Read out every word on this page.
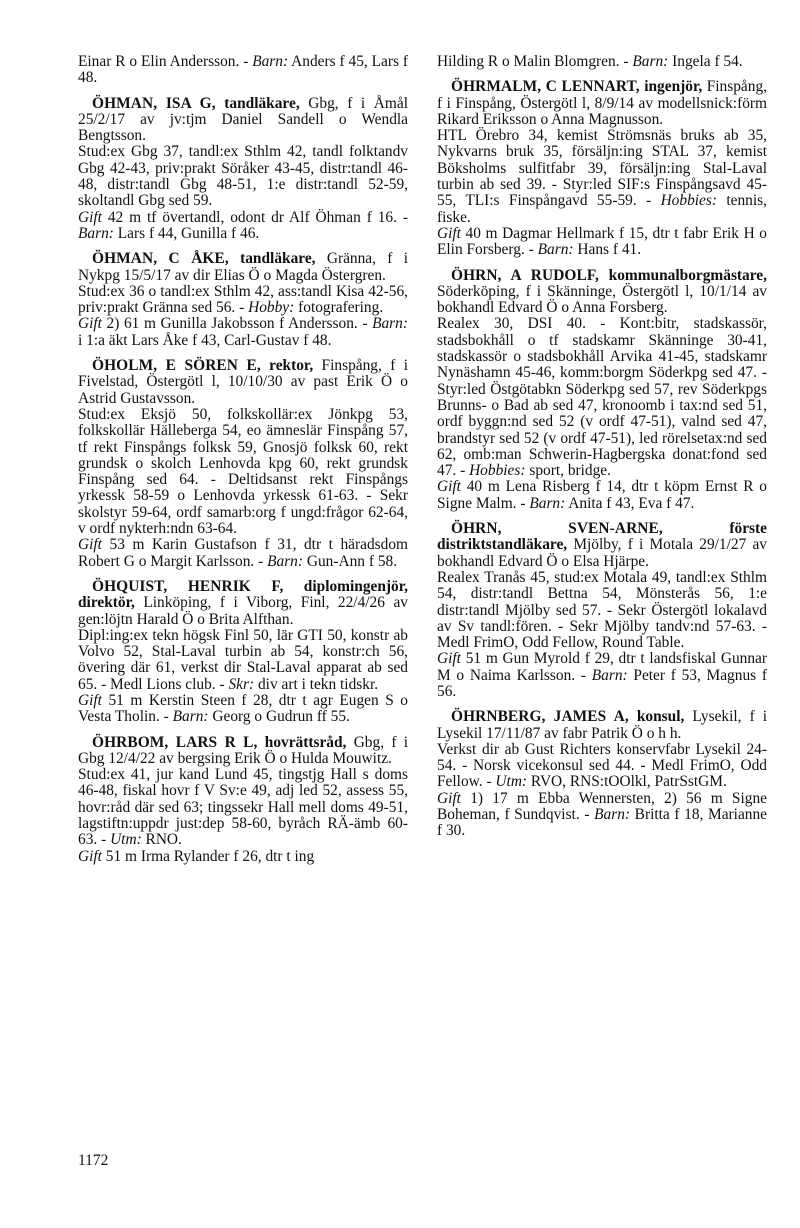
Einar R o Elin Andersson. - Barn: Anders f 45, Lars f 48.

ÖHMAN, ISA G, tandläkare, Gbg, f i Åmål 25/2/17 av jv:tjm Daniel Sandell o Wendla Bengtsson.

Stud:ex Gbg 37, tandl:ex Sthlm 42, tandl folktandv Gbg 42-43, priv:prakt Söråker 43-45, distr:tandl 46-48, distr:tandl Gbg 48-51, 1:e distr:tandl 52-59, skoltandl Gbg sed 59.

Gift 42 m tf övertandl, odont dr Alf Öhman f 16. - Barn: Lars f 44, Gunilla f 46.

ÖHMAN, C ÅKE, tandläkare, Gränna, f i Nykpg 15/5/17 av dir Elias Ö o Magda Östergren.

Stud:ex 36 o tandl:ex Sthlm 42, ass:tandl Kisa 42-56, priv:prakt Gränna sed 56. - Hobby: fotografering.

Gift 2) 61 m Gunilla Jakobsson f Andersson. - Barn: i 1:a äkt Lars Åke f 43, Carl-Gustav f 48.

ÖHOLM, E SÖREN E, rektor, Finspång, f i Fivelstad, Östergötl l, 10/10/30 av past Erik Ö o Astrid Gustavsson.

Stud:ex Eksjö 50, folkskollär:ex Jönkpg 53, folkskollär Hälleberga 54, eo ämneslär Finspång 57, tf rekt Finspångs folksk 59, Gnosjö folksk 60, rekt grundsk o skolch Lenhovda kpg 60, rekt grundsk Finspång sed 64. - Deltidsanst rekt Finspångs yrkessk 58-59 o Lenhovda yrkessk 61-63. - Sekr skolstyr 59-64, ordf samarb:org f ungd:frågor 62-64, v ordf nykterh:ndn 63-64.

Gift 53 m Karin Gustafson f 31, dtr t häradsdom Robert G o Margit Karlsson. - Barn: Gun-Ann f 58.

ÖHQUIST, HENRIK F, diplomingenjör, direktör, Linköping, f i Viborg, Finl, 22/4/26 av gen:löjtn Harald Ö o Brita Alfthan.

Dipl:ing:ex tekn högsk Finl 50, lär GTI 50, konstr ab Volvo 52, Stal-Laval turbin ab 54, konstr:ch 56, övering där 61, verkst dir Stal-Laval apparat ab sed 65. - Medl Lions club. - Skr: div art i tekn tidskr.

Gift 51 m Kerstin Steen f 28, dtr t agr Eugen S o Vesta Tholin. - Barn: Georg o Gudrun ff 55.

ÖHRBOM, LARS R L, hovrättsråd, Gbg, f i Gbg 12/4/22 av bergsing Erik Ö o Hulda Mouwitz.

Stud:ex 41, jur kand Lund 45, tingstjg Hall s doms 46-48, fiskal hovr f V Sv:e 49, adj led 52, assess 55, hovr:råd där sed 63; tingssekr Hall mell doms 49-51, lagstiftn:uppdr just:dep 58-60, byråch RÄ-ämb 60-63. - Utm: RNO.

Gift 51 m Irma Rylander f 26, dtr t ing

Hilding R o Malin Blomgren. - Barn: Ingela f 54.

ÖHRMALM, C LENNART, ingenjör, Finspång, f i Finspång, Östergötl l, 8/9/14 av modellsnick:förm Rikard Eriksson o Anna Magnusson.

HTL Örebro 34, kemist Strömsnäs bruks ab 35, Nykvarns bruk 35, försäljn:ing STAL 37, kemist Böksholms sulfitfabr 39, försäljn:ing Stal-Laval turbin ab sed 39. - Styr:led SIF:s Finspångsavd 45-55, TLI:s Finspångavd 55-59. - Hobbies: tennis, fiske.

Gift 40 m Dagmar Hellmark f 15, dtr t fabr Erik H o Elin Forsberg. - Barn: Hans f 41.

ÖHRN, A RUDOLF, kommunalborgmästare, Söderköping, f i Skänninge, Östergötl l, 10/1/14 av bokhandl Edvard Ö o Anna Forsberg.

Realex 30, DSI 40. - Kont:bitr, stadskassör, stadsbokhåll o tf stadskamr Skänninge 30-41, stadskassör o stadsbokhåll Arvika 41-45, stadskamr Nynäshamn 45-46, komm:borgm Söderkpg sed 47. - Styr:led Östgötabkn Söderkpg sed 57, rev Söderkpgs Brunns- o Bad ab sed 47, kronoomb i tax:nd sed 51, ordf byggn:nd sed 52 (v ordf 47-51), valnd sed 47, brandstyr sed 52 (v ordf 47-51), led rörelsetax:nd sed 62, omb:man Schwerin-Hagbergska donat:fond sed 47. - Hobbies: sport, bridge.

Gift 40 m Lena Risberg f 14, dtr t köpm Ernst R o Signe Malm. - Barn: Anita f 43, Eva f 47.

ÖHRN, SVEN-ARNE, förste distriktstandläkare, Mjölby, f i Motala 29/1/27 av bokhandl Edvard Ö o Elsa Hjärpe.

Realex Tranås 45, stud:ex Motala 49, tandl:ex Sthlm 54, distr:tandl Bettna 54, Mönsterås 56, 1:e distr:tandl Mjölby sed 57. - Sekr Östergötl lokalavd av Sv tandl:fören. - Sekr Mjölby tandv:nd 57-63. - Medl FrimO, Odd Fellow, Round Table.

Gift 51 m Gun Myrold f 29, dtr t landsfiskal Gunnar M o Naima Karlsson. - Barn: Peter f 53, Magnus f 56.

ÖHRNBERG, JAMES A, konsul, Lysekil, f i Lysekil 17/11/87 av fabr Patrik Ö o h h.

Verkst dir ab Gust Richters konservfabr Lysekil 24-54. - Norsk vicekonsul sed 44. - Medl FrimO, Odd Fellow. - Utm: RVO, RNS:tOOlkl, PatrSstGM.

Gift 1) 17 m Ebba Wennersten, 2) 56 m Signe Boheman, f Sundqvist. - Barn: Britta f 18, Marianne f 30.

1172
